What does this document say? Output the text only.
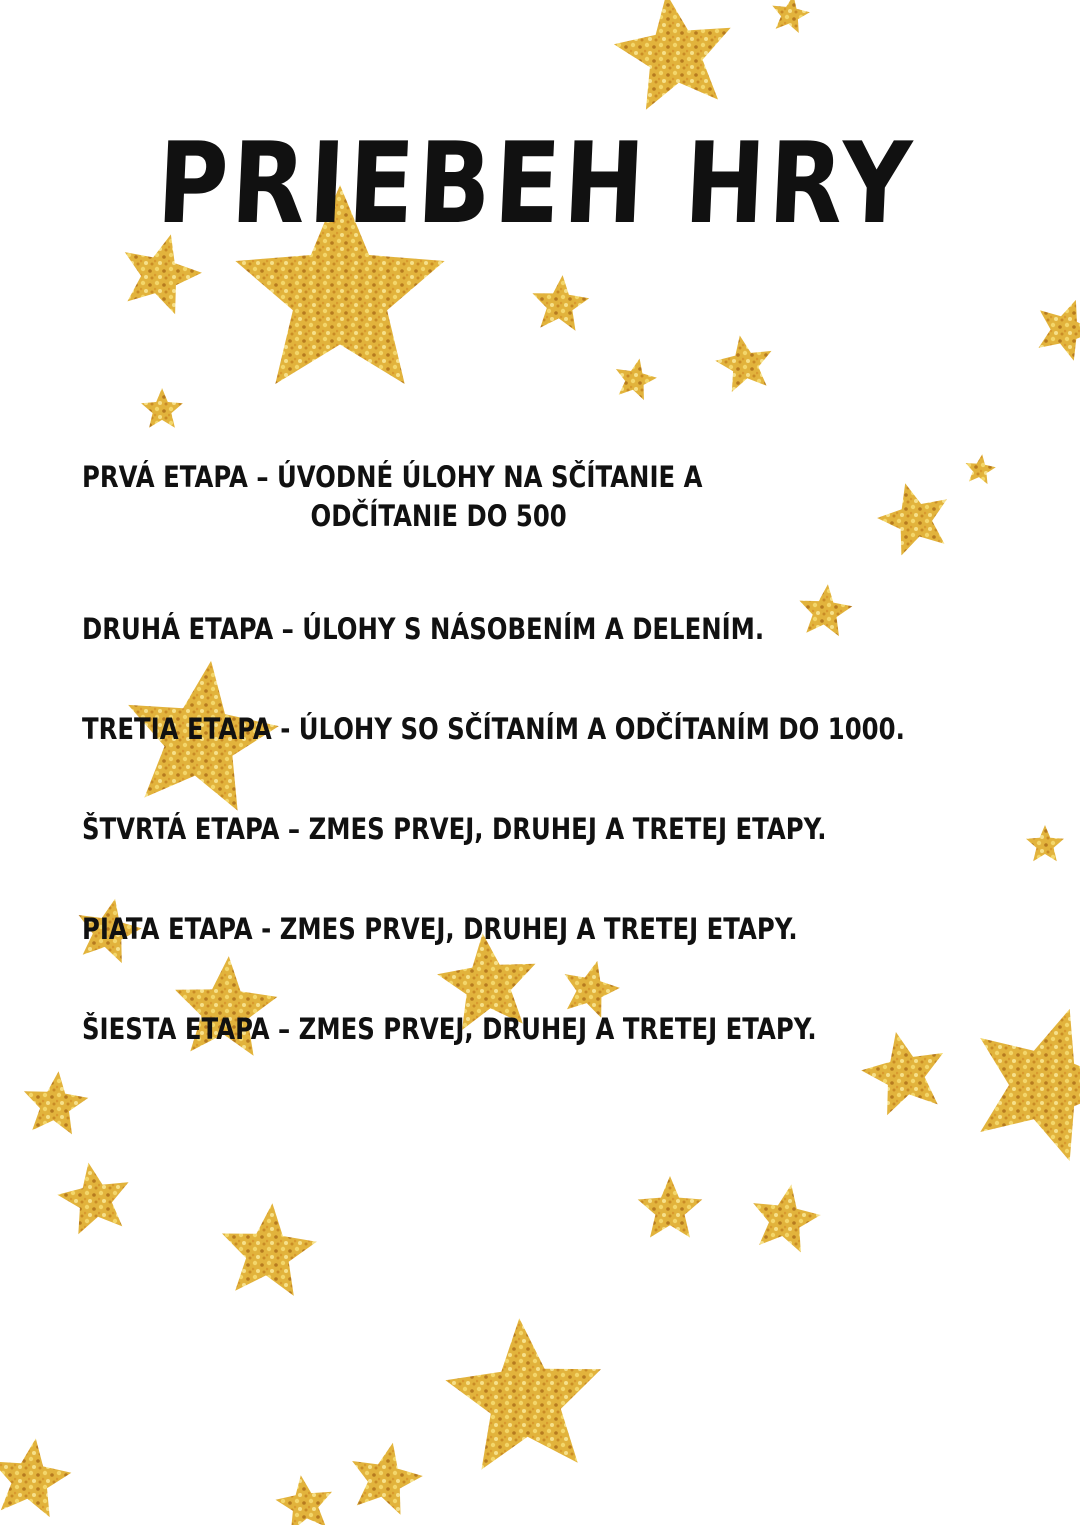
PRIEBEH HRY

PRVÁ ETAPA – ÚVODNÉ ÚLOHY NA SČÍTANIE A
ODČÍTANIE DO 500

DRUHÁ ETAPA – ÚLOHY S NÁSOBENÍM A DELENÍM.

TRETIA ETAPA - ÚLOHY SO SČÍTANÍM A ODČÍTANÍM DO 1000.

ŠTVRTÁ ETAPA – ZMES PRVEJ, DRUHEJ A TRETEJ ETAPY.

PIATA ETAPA - ZMES PRVEJ, DRUHEJ A TRETEJ ETAPY.

ŠIESTA ETAPA – ZMES PRVEJ, DRUHEJ A TRETEJ ETAPY.
